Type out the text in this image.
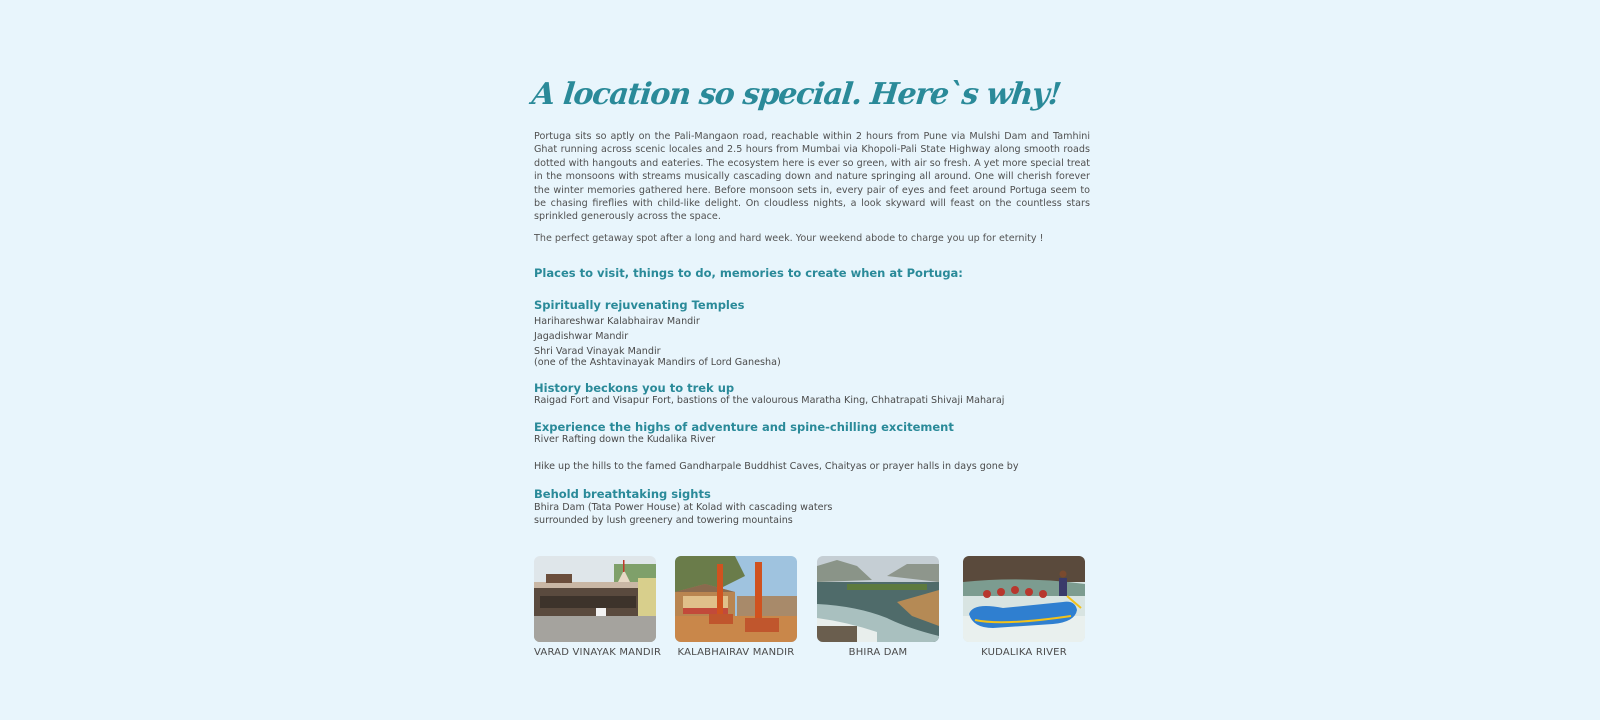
A location so special. Here`s why!

Portuga sits so aptly on the Pali-Mangaon road, reachable within 2 hours from Pune via Mulshi Dam and Tamhini Ghat running across scenic locales and 2.5 hours from Mumbai via Khopoli-Pali State Highway along smooth roads dotted with hangouts and eateries. The ecosystem here is ever so green, with air so fresh. A yet more special treat in the monsoons with streams musically cascading down and nature springing all around. One will cherish forever the winter memories gathered here. Before monsoon sets in, every pair of eyes and feet around Portuga seem to be chasing fireflies with child-like delight. On cloudless nights, a look skyward will feast on the countless stars sprinkled generously across the space.

The perfect getaway spot after a long and hard week. Your weekend abode to charge you up for eternity !

Places to visit, things to do, memories to create when at Portuga:
Spiritually rejuvenating Temples

Harihareshwar Kalabhairav Mandir

Jagadishwar Mandir

Shri Varad Vinayak Mandir

(one of the Ashtavinayak Mandirs of Lord Ganesha)

History beckons you to trek up

Raigad Fort and Visapur Fort, bastions of the valourous Maratha King, Chhatrapati Shivaji Maharaj

Experience the highs of adventure and spine-chilling excitement

River Rafting down the Kudalika River

Hike up the hills to the famed Gandharpale Buddhist Caves, Chaityas or prayer halls in days gone by

Behold breathtaking sights

Bhira Dam (Tata Power House) at Kolad with cascading waters

surrounded by lush greenery and towering mountains

VARAD VINAYAK MANDIR KALABHAIRAV MANDIR	BHIRA DAM	KUDALIKA RIVER
